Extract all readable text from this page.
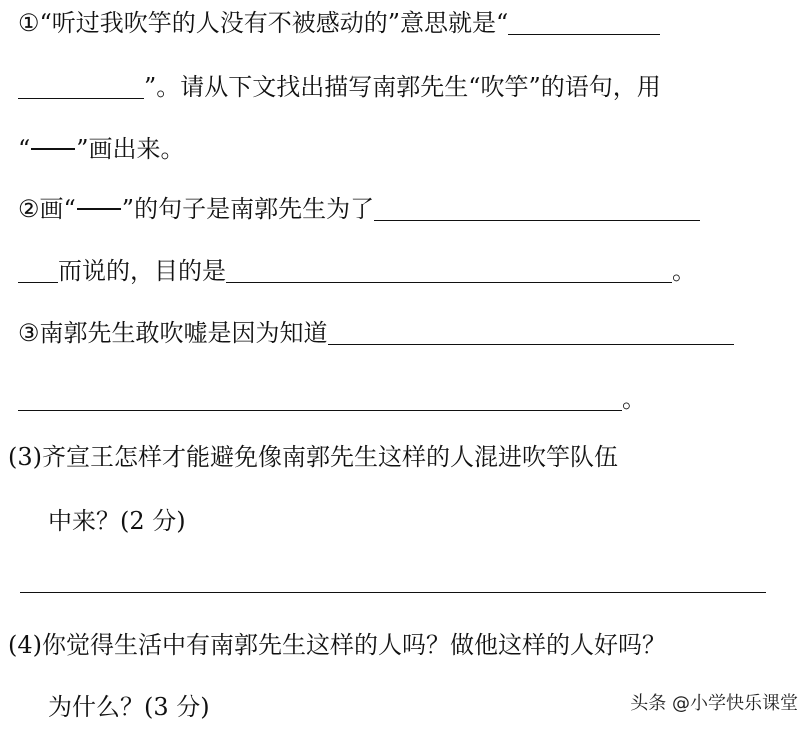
①“听过我吹竽的人没有不被感动的”意思就是“
”。请从下文找出描写南郭先生“吹竽”的语句，用
“ ”画出来。
②画“ ”的句子是南郭先生为了
而说的，目的是	。
③南郭先生敢吹嘘是因为知道
。
(3)齐宣王怎样才能避免像南郭先生这样的人混进吹竽队伍
中来？(2 分)
(4)你觉得生活中有南郭先生这样的人吗？做他这样的人好吗？
为什么？(3 分)	头条 @小学快乐课堂
